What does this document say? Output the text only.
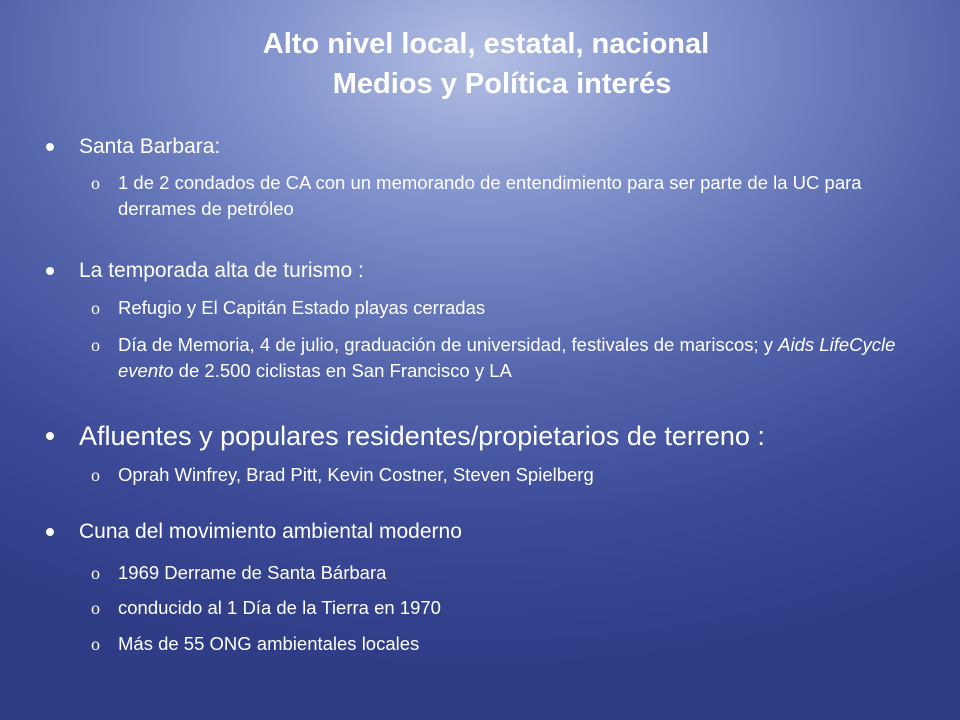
Alto nivel local, estatal, nacional
Medios y Política interés
Santa Barbara:
o 1 de 2 condados de CA con un memorando de entendimiento para ser parte de la UC para derrames de petróleo
La temporada alta de turismo :
o Refugio y El Capitán Estado playas cerradas
o Día de Memoria, 4 de julio, graduación de universidad, festivales de mariscos; y Aids LifeCycle evento de 2.500 ciclistas en San Francisco y LA
Afluentes y populares residentes/propietarios de terreno :
o Oprah Winfrey, Brad Pitt, Kevin Costner, Steven Spielberg
Cuna del movimiento ambiental moderno
o 1969 Derrame de Santa Bárbara
o conducido al 1 Día de la Tierra en 1970
o Más de 55 ONG ambientales locales
